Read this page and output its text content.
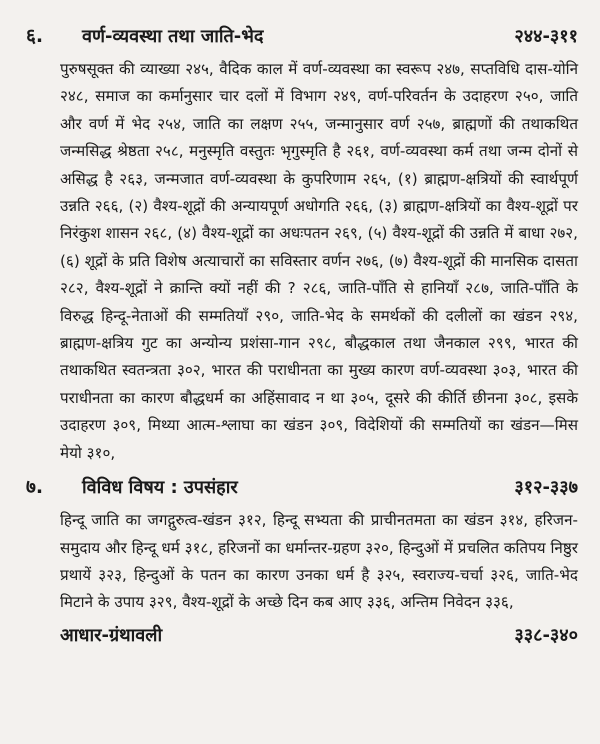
६.	वर्ण-व्यवस्था तथा जाति-भेद	२४४-३११
पुरुषसूक्त की व्याख्या २४५, वैदिक काल में वर्ण-व्यवस्था का स्वरूप २४७, सप्तविधि दास-योनि २४८, समाज का कर्मानुसार चार दलों में विभाग २४९, वर्ण-परिवर्तन के उदाहरण २५०, जाति और वर्ण में भेद २५४, जाति का लक्षण २५५, जन्मानुसार वर्ण २५७, ब्राह्मणों की तथाकथित जन्मसिद्ध श्रेष्ठता २५८, मनुस्मृति वस्तुतः भृगुस्मृति है २६१, वर्ण-व्यवस्था कर्म तथा जन्म दोनों से असिद्ध है २६३, जन्मजात वर्ण-व्यवस्था के कुपरिणाम २६५, (१) ब्राह्मण-क्षत्रियों की स्वार्थपूर्ण उन्नति २६६, (२) वैश्य-शूद्रों की अन्यायपूर्ण अधोगति २६६, (३) ब्राह्मण-क्षत्रियों का वैश्य-शूद्रों पर निरंकुश शासन २६८, (४) वैश्य-शूद्रों का अधःपतन २६९, (५) वैश्य-शूद्रों की उन्नति में बाधा २७२, (६) शूद्रों के प्रति विशेष अत्याचारों का सविस्तार वर्णन २७६, (७) वैश्य-शूद्रों की मानसिक दासता २८२, वैश्य-शूद्रों ने क्रान्ति क्यों नहीं की ? २८६, जाति-पाँति से हानियाँ २८७, जाति-पाँति के विरुद्ध हिन्दू-नेताओं की सम्मतियाँ २९०, जाति-भेद के समर्थकों की दलीलों का खंडन २९४, ब्राह्मण-क्षत्रिय गुट का अन्योन्य प्रशंसा-गान २९८, बौद्धकाल तथा जैनकाल २९९, भारत की तथाकथित स्वतन्त्रता ३०२, भारत की पराधीनता का मुख्य कारण वर्ण-व्यवस्था ३०३, भारत की पराधीनता का कारण बौद्धधर्म का अहिंसावाद न था ३०५, दूसरे की कीर्ति छीनना ३०८, इसके उदाहरण ३०९, मिथ्या आत्म-श्लाघा का खंडन ३०९, विदेशियों की सम्मतियों का खंडन—मिस मेयो ३१०,
७.	विविध विषय : उपसंहार	३१२-३३७
हिन्दू जाति का जगद्गुरुत्व-खंडन ३१२, हिन्दू सभ्यता की प्राचीनतमता का खंडन ३१४, हरिजन-समुदाय और हिन्दू धर्म ३१८, हरिजनों का धर्मान्तर-ग्रहण ३२०, हिन्दुओं में प्रचलित कतिपय निष्ठुर प्रथायें ३२३, हिन्दुओं के पतन का कारण उनका धर्म है ३२५, स्वराज्य-चर्चा ३२६, जाति-भेद मिटाने के उपाय ३२९, वैश्य-शूद्रों के अच्छे दिन कब आए ३३६, अन्तिम निवेदन ३३६,
आधार-ग्रंथावली	३३८-३४०
